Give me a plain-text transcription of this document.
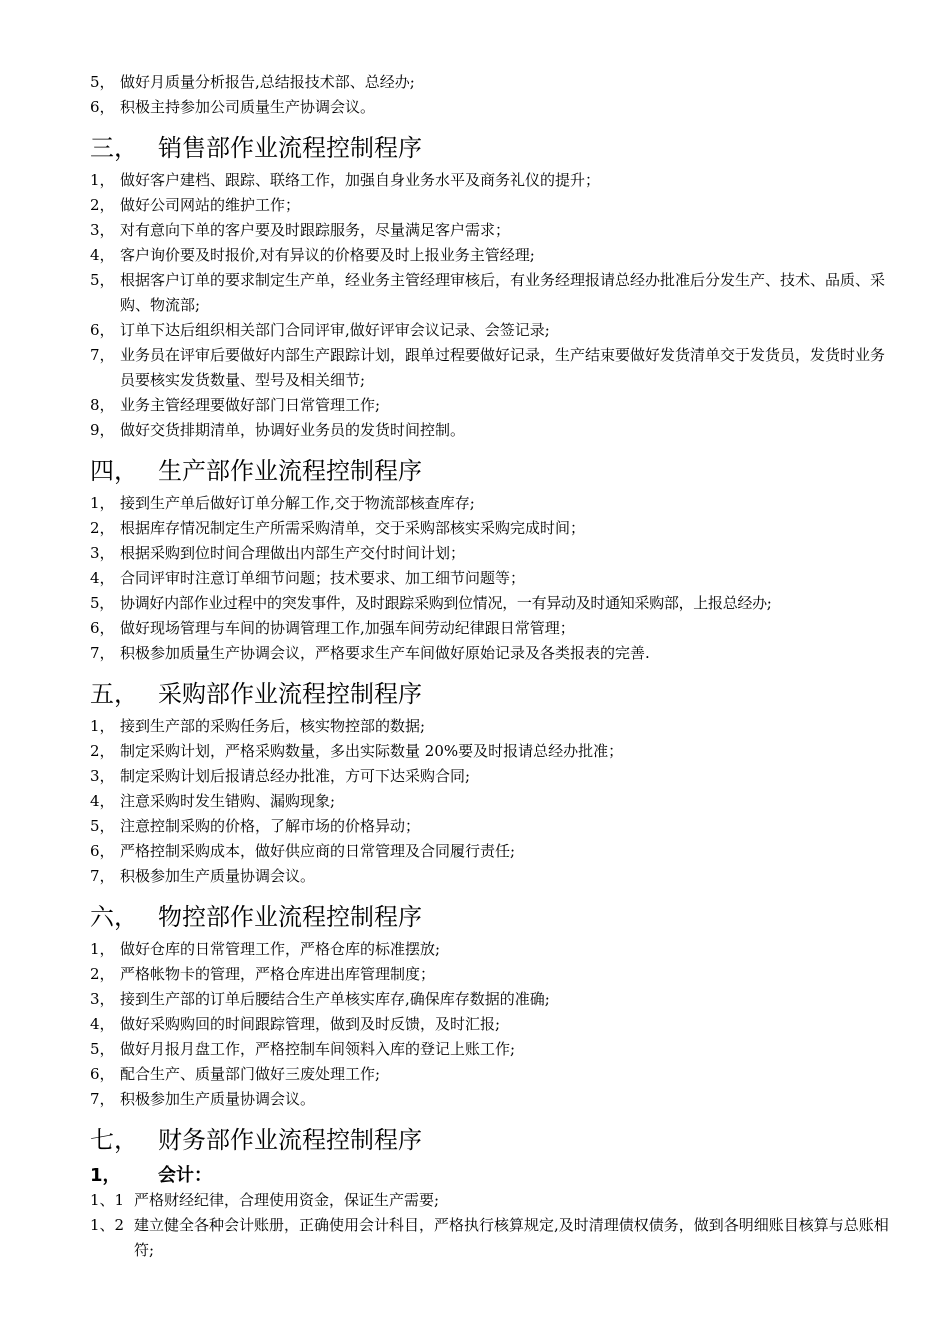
5， 做好月质量分析报告,总结报技术部、总经办;
6， 积极主持参加公司质量生产协调会议。
三， 销售部作业流程控制程序
1， 做好客户建档、跟踪、联络工作，加强自身业务水平及商务礼仪的提升；
2， 做好公司网站的维护工作；
3， 对有意向下单的客户要及时跟踪服务，尽量满足客户需求；
4， 客户询价要及时报价,对有异议的价格要及时上报业务主管经理;
5， 根据客户订单的要求制定生产单，经业务主管经理审核后，有业务经理报请总经办批准后分发生产、技术、品质、采购、物流部;
6， 订单下达后组织相关部门合同评审,做好评审会议记录、会签记录;
7， 业务员在评审后要做好内部生产跟踪计划，跟单过程要做好记录，生产结束要做好发货清单交于发货员，发货时业务员要核实发货数量、型号及相关细节;
8， 业务主管经理要做好部门日常管理工作;
9， 做好交货排期清单，协调好业务员的发货时间控制。
四， 生产部作业流程控制程序
1， 接到生产单后做好订单分解工作,交于物流部核查库存;
2， 根据库存情况制定生产所需采购清单，交于采购部核实采购完成时间；
3， 根据采购到位时间合理做出内部生产交付时间计划；
4， 合同评审时注意订单细节问题；技术要求、加工细节问题等；
5， 协调好内部作业过程中的突发事件，及时跟踪采购到位情况，一有异动及时通知采购部，上报总经办;
6， 做好现场管理与车间的协调管理工作,加强车间劳动纪律跟日常管理；
7， 积极参加质量生产协调会议，严格要求生产车间做好原始记录及各类报表的完善.
五， 采购部作业流程控制程序
1， 接到生产部的采购任务后，核实物控部的数据;
2， 制定采购计划，严格采购数量，多出实际数量 20%要及时报请总经办批准；
3， 制定采购计划后报请总经办批准，方可下达采购合同;
4， 注意采购时发生错购、漏购现象;
5， 注意控制采购的价格，了解市场的价格异动；
6， 严格控制采购成本，做好供应商的日常管理及合同履行责任;
7， 积极参加生产质量协调会议。
六， 物控部作业流程控制程序
1， 做好仓库的日常管理工作，严格仓库的标准摆放;
2， 严格帐物卡的管理，严格仓库进出库管理制度；
3， 接到生产部的订单后腰结合生产单核实库存,确保库存数据的准确;
4， 做好采购购回的时间跟踪管理，做到及时反馈，及时汇报;
5， 做好月报月盘工作，严格控制车间领料入库的登记上账工作;
6， 配合生产、质量部门做好三废处理工作;
7， 积极参加生产质量协调会议。
七， 财务部作业流程控制程序
1，	会计：
1、1 严格财经纪律，合理使用资金，保证生产需要;
1、2 建立健全各种会计账册，正确使用会计科目，严格执行核算规定,及时清理债权债务，做到各明细账目核算与总账相符;
